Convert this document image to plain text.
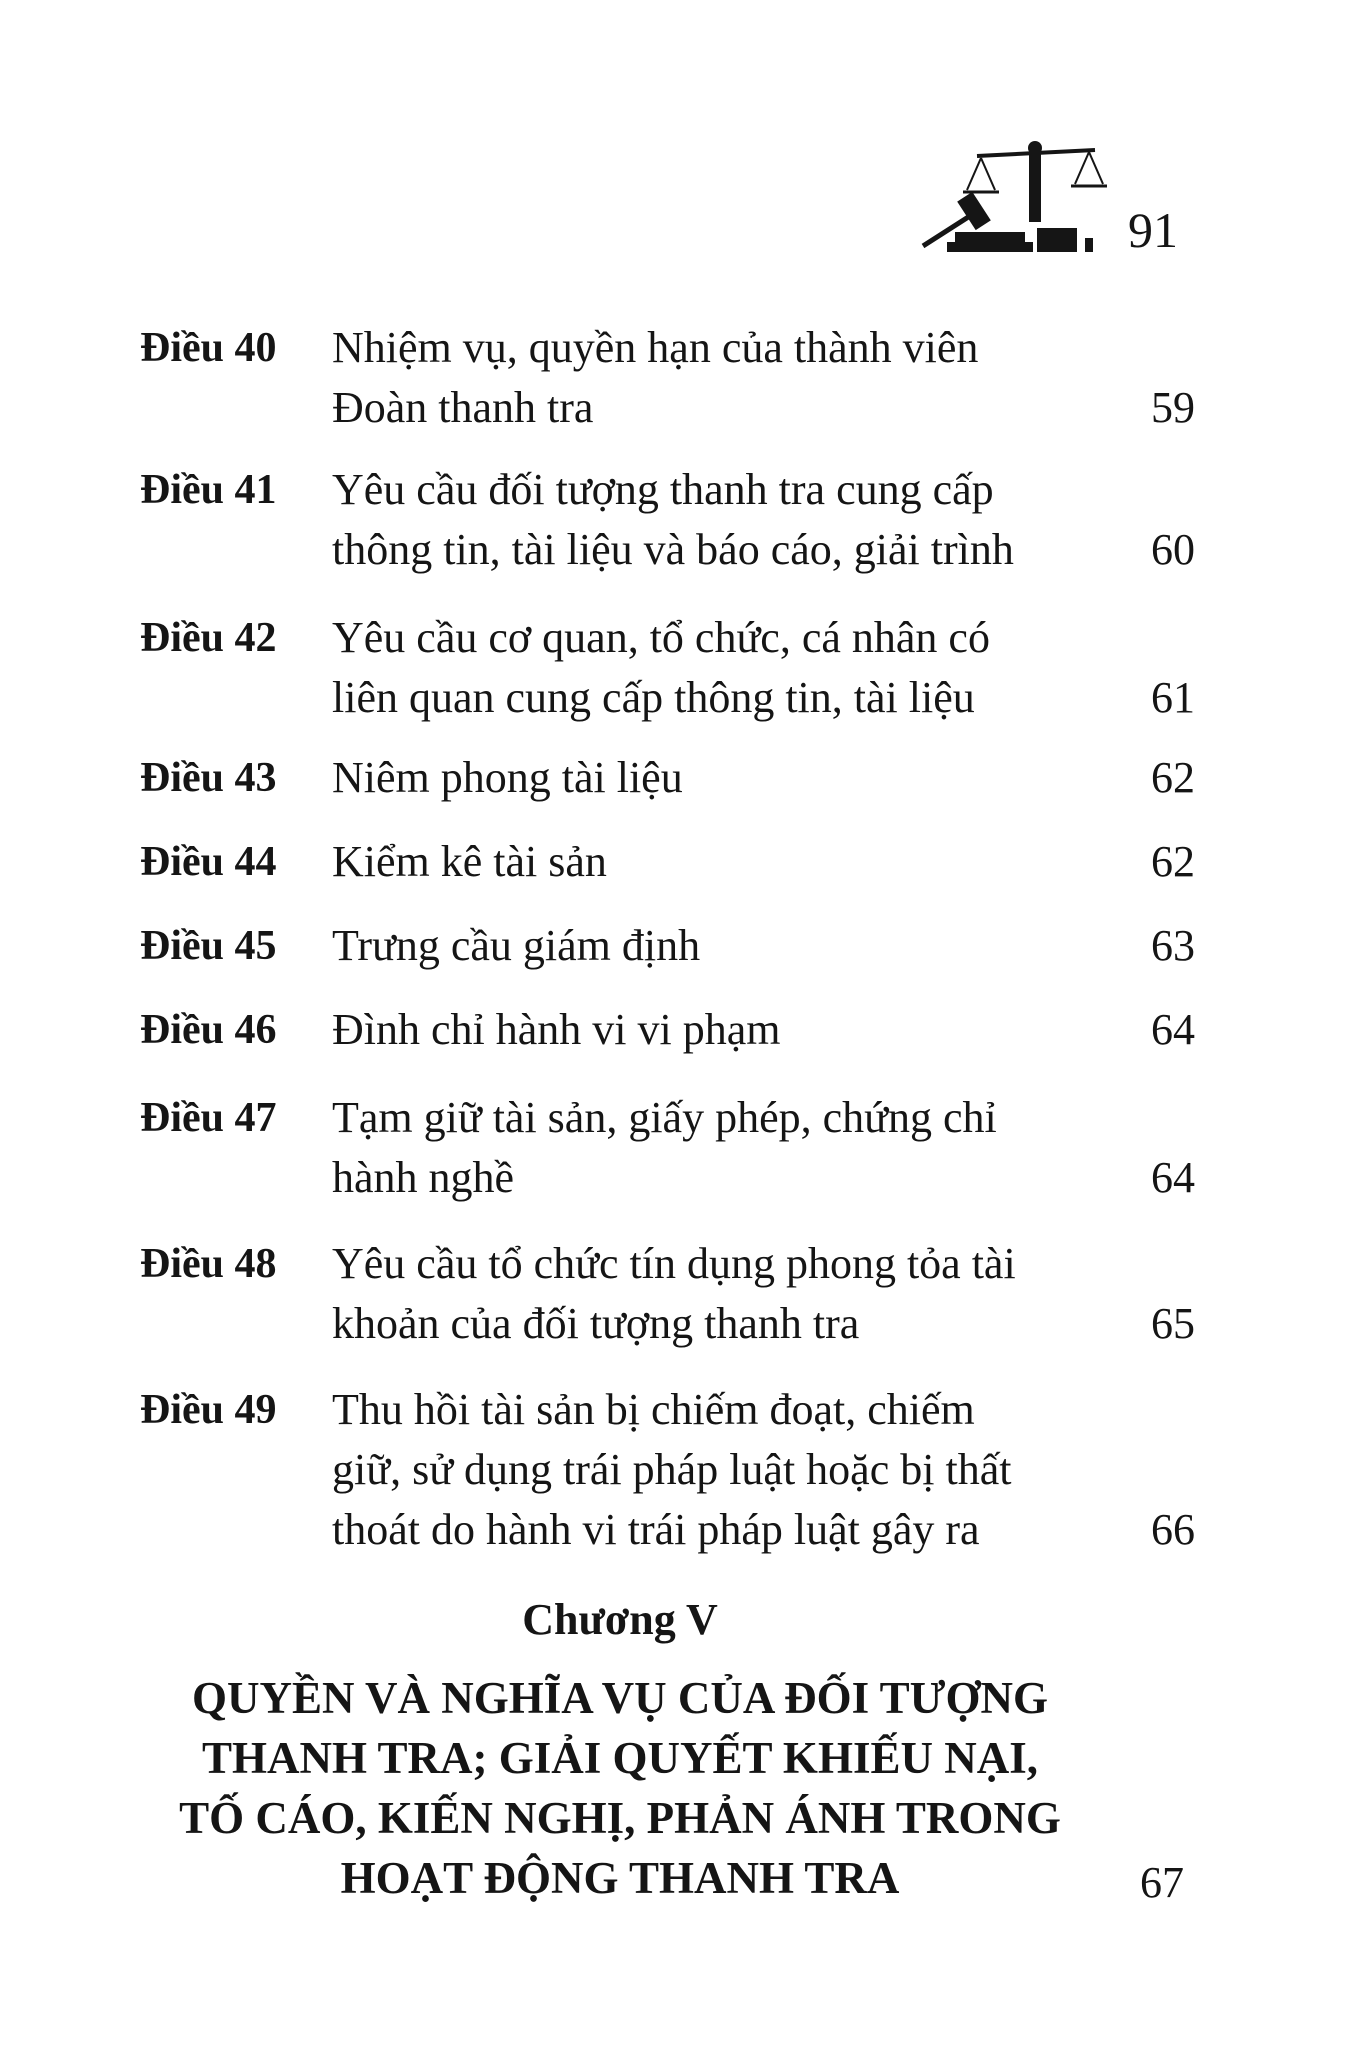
91
Điều 40 Nhiệm vụ, quyền hạn của thành viên
Đoàn thanh tra	59
Điều 41 Yêu cầu đối tượng thanh tra cung cấp
thông tin, tài liệu và báo cáo, giải trình	60
Điều 42 Yêu cầu cơ quan, tổ chức, cá nhân có
liên quan cung cấp thông tin, tài liệu	61
Điều 43 Niêm phong tài liệu	62
Điều 44 Kiểm kê tài sản	62
Điều 45 Trưng cầu giám định	63
Điều 46 Đình chỉ hành vi vi phạm	64
Điều 47 Tạm giữ tài sản, giấy phép, chứng chỉ
hành nghề	64
Điều 48 Yêu cầu tổ chức tín dụng phong tỏa tài
khoản của đối tượng thanh tra	65
Điều 49 Thu hồi tài sản bị chiếm đoạt, chiếm
giữ, sử dụng trái pháp luật hoặc bị thất
thoát do hành vi trái pháp luật gây ra	66
Chương V
QUYỀN VÀ NGHĨA VỤ CỦA ĐỐI TƯỢNG
THANH TRA; GIẢI QUYẾT KHIẾU NẠI,
TỐ CÁO, KIẾN NGHỊ, PHẢN ÁNH TRONG
HOẠT ĐỘNG THANH TRA	67
